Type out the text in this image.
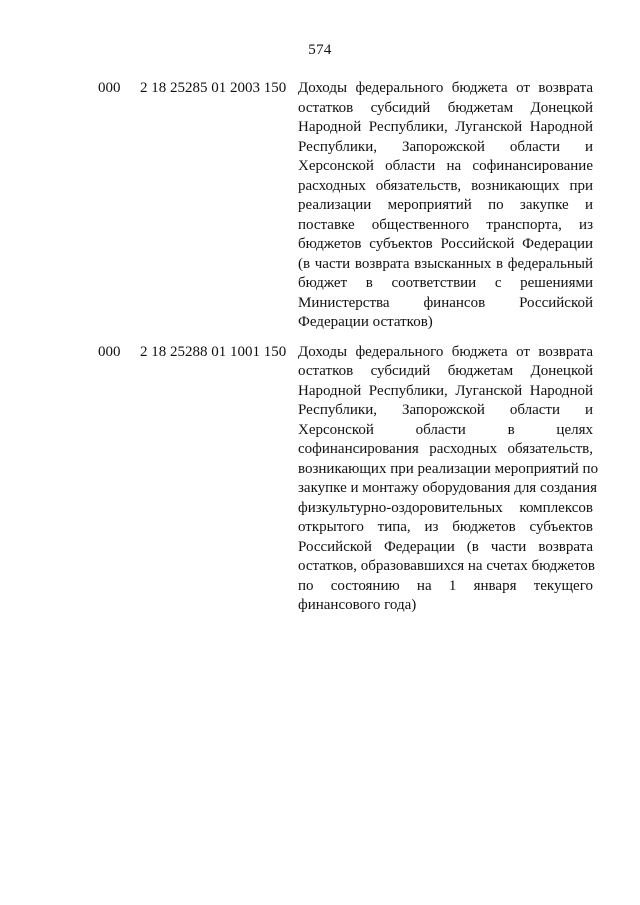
574
000 2 18 25285 01 2003 150 Доходы федерального бюджета от возврата
остатков субсидий бюджетам Донецкой
Народной Республики, Луганской Народной
Республики, Запорожской области и
Херсонской области на софинансирование
расходных обязательств, возникающих при
реализации мероприятий по закупке и
поставке общественного транспорта, из
бюджетов субъектов Российской Федерации
(в части возврата взысканных в федеральный
бюджет в соответствии с решениями
Министерства финансов Российской
Федерации остатков)
000 2 18 25288 01 1001 150 Доходы федерального бюджета от возврата
остатков субсидий бюджетам Донецкой
Народной Республики, Луганской Народной
Республики, Запорожской области и
Херсонской области в целях
софинансирования расходных обязательств,
возникающих при реализации мероприятий по
закупке и монтажу оборудования для создания
физкультурно-оздоровительных комплексов
открытого типа, из бюджетов субъектов
Российской Федерации (в части возврата
остатков, образовавшихся на счетах бюджетов
по состоянию на 1 января текущего
финансового года)
